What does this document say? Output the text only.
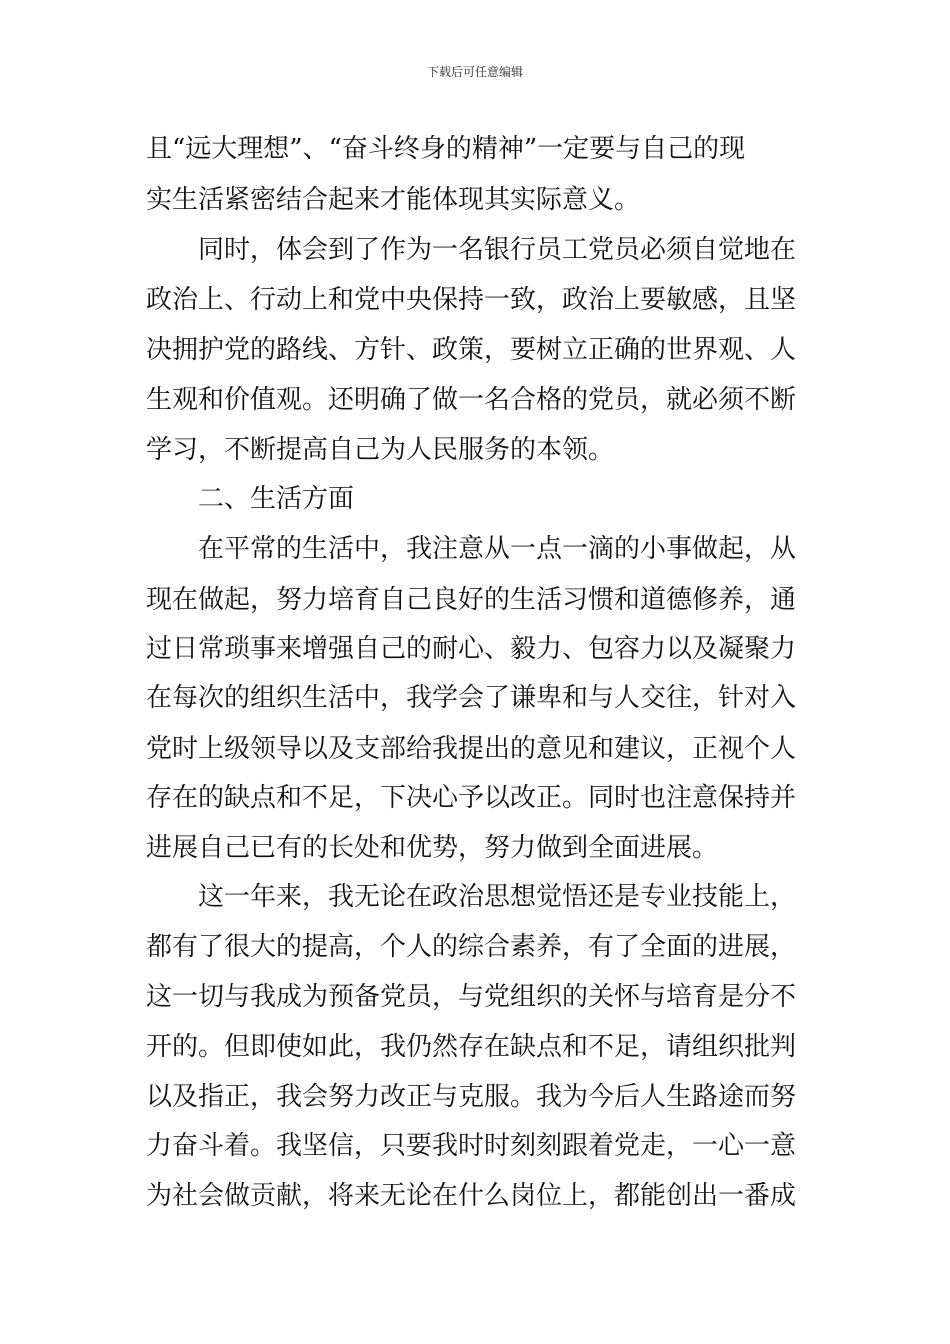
下载后可任意编辑
且“远大理想”、“奋斗终身的精神”一定要与自己的现
实生活紧密结合起来才能体现其实际意义。
同时，体会到了作为一名银行员工党员必须自觉地在
政治上、行动上和党中央保持一致，政治上要敏感，且坚
决拥护党的路线、方针、政策，要树立正确的世界观、人
生观和价值观。还明确了做一名合格的党员，就必须不断
学习，不断提高自己为人民服务的本领。
二、生活方面
在平常的生活中，我注意从一点一滴的小事做起，从
现在做起，努力培育自己良好的生活习惯和道德修养，通
过日常琐事来增强自己的耐心、毅力、包容力以及凝聚力
在每次的组织生活中，我学会了谦卑和与人交往，针对入
党时上级领导以及支部给我提出的意见和建议，正视个人
存在的缺点和不足，下决心予以改正。同时也注意保持并
进展自己已有的长处和优势，努力做到全面进展。
这一年来，我无论在政治思想觉悟还是专业技能上，
都有了很大的提高，个人的综合素养，有了全面的进展，
这一切与我成为预备党员，与党组织的关怀与培育是分不
开的。但即使如此，我仍然存在缺点和不足，请组织批判
以及指正，我会努力改正与克服。我为今后人生路途而努
力奋斗着。我坚信，只要我时时刻刻跟着党走，一心一意
为社会做贡献，将来无论在什么岗位上，都能创出一番成
